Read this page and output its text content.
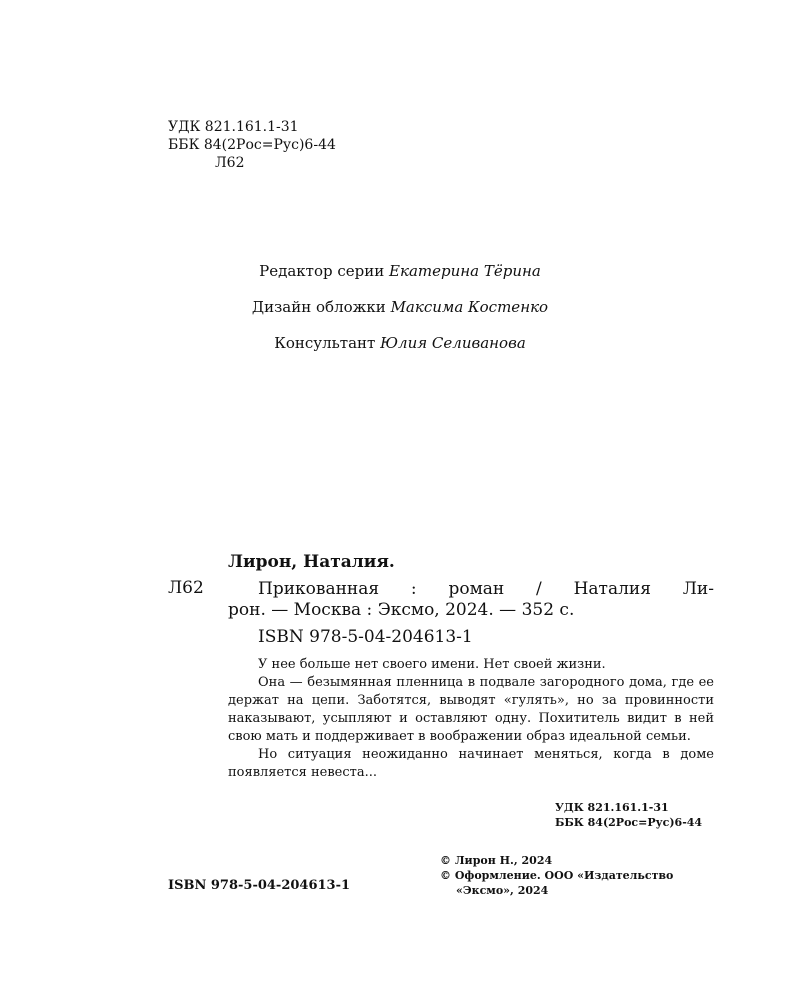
УДК 821.161.1-31
ББК 84(2Рос=Рус)6-44
Л62
Редактор серии Екатерина Тёрина
Дизайн обложки Максима Костенко
Консультант Юлия Селиванова
Лирон, Наталия.
Л62	Прикованная : роман / Наталия Ли-
рон. — Москва : Эксмо, 2024. — 352 с.
ISBN 978-5-04-204613-1

У нее больше нет своего имени. Нет своей жизни.

Она — безымянная пленница в подвале загородного дома, где ее держат на цепи. Заботятся, выводят «гулять», но за провинности наказывают, усыпляют и оставляют одну. Похититель видит в ней свою мать и поддерживает в воображении образ идеальной семьи.

Но ситуация неожиданно начинает меняться, когда в доме появляется невеста...

УДК 821.161.1-31
ББК 84(2Рос=Рус)6-44
© Лирон Н., 2024
© Оформление. ООО «Издательство
«Эксмо», 2024
ISBN 978-5-04-204613-1
